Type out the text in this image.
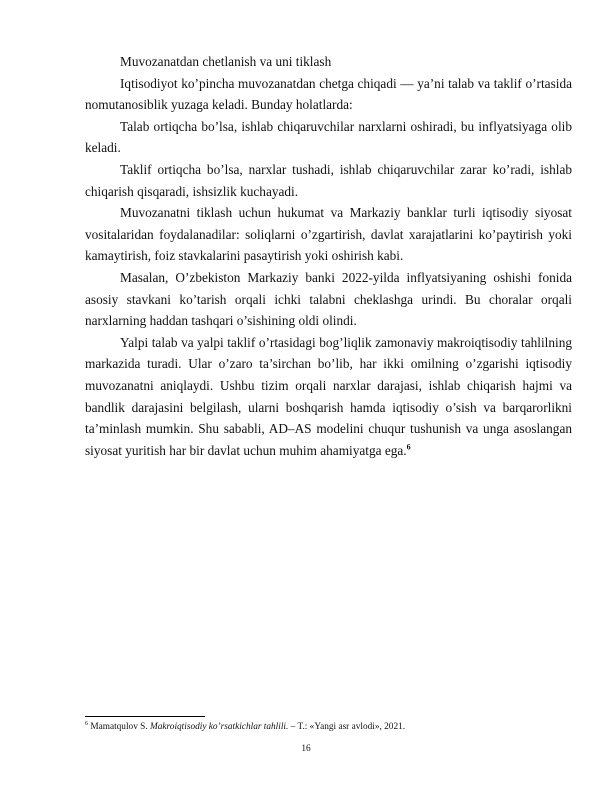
Muvozanatdan chetlanish va uni tiklash

Iqtisodiyot ko’pincha muvozanatdan chetga chiqadi — ya’ni talab va taklif o’rtasida nomutanosiblik yuzaga keladi. Bunday holatlarda:

Talab ortiqcha bo’lsa, ishlab chiqaruvchilar narxlarni oshiradi, bu inflyatsiyaga olib keladi.

Taklif ortiqcha bo’lsa, narxlar tushadi, ishlab chiqaruvchilar zarar ko’radi, ishlab chiqarish qisqaradi, ishsizlik kuchayadi.

Muvozanatni tiklash uchun hukumat va Markaziy banklar turli iqtisodiy siyosat vositalaridan foydalanadilar: soliqlarni o’zgartirish, davlat xarajatlarini ko’paytirish yoki kamaytirish, foiz stavkalarini pasaytirish yoki oshirish kabi.

Masalan, O’zbekiston Markaziy banki 2022-yilda inflyatsiyaning oshishi fonida asosiy stavkani ko’tarish orqali ichki talabni cheklashga urindi. Bu choralar orqali narxlarning haddan tashqari o’sishining oldi olindi.

Yalpi talab va yalpi taklif o’rtasidagi bog’liqlik zamonaviy makroiqtisodiy tahlilning markazida turadi. Ular o’zaro ta’sirchan bo’lib, har ikki omilning o’zgarishi iqtisodiy muvozanatni aniqlaydi. Ushbu tizim orqali narxlar darajasi, ishlab chiqarish hajmi va bandlik darajasini belgilash, ularni boshqarish hamda iqtisodiy o’sish va barqarorlikni ta’minlash mumkin. Shu sababli, AD–AS modelini chuqur tushunish va unga asoslangan siyosat yuritish har bir davlat uchun muhim ahamiyatga ega.$^6$

$^6$ Mamatqulov S. Makroiqtisodiy ko’rsatkichlar tahlili. – T.: «Yangi asr avlodi», 2021.
16
